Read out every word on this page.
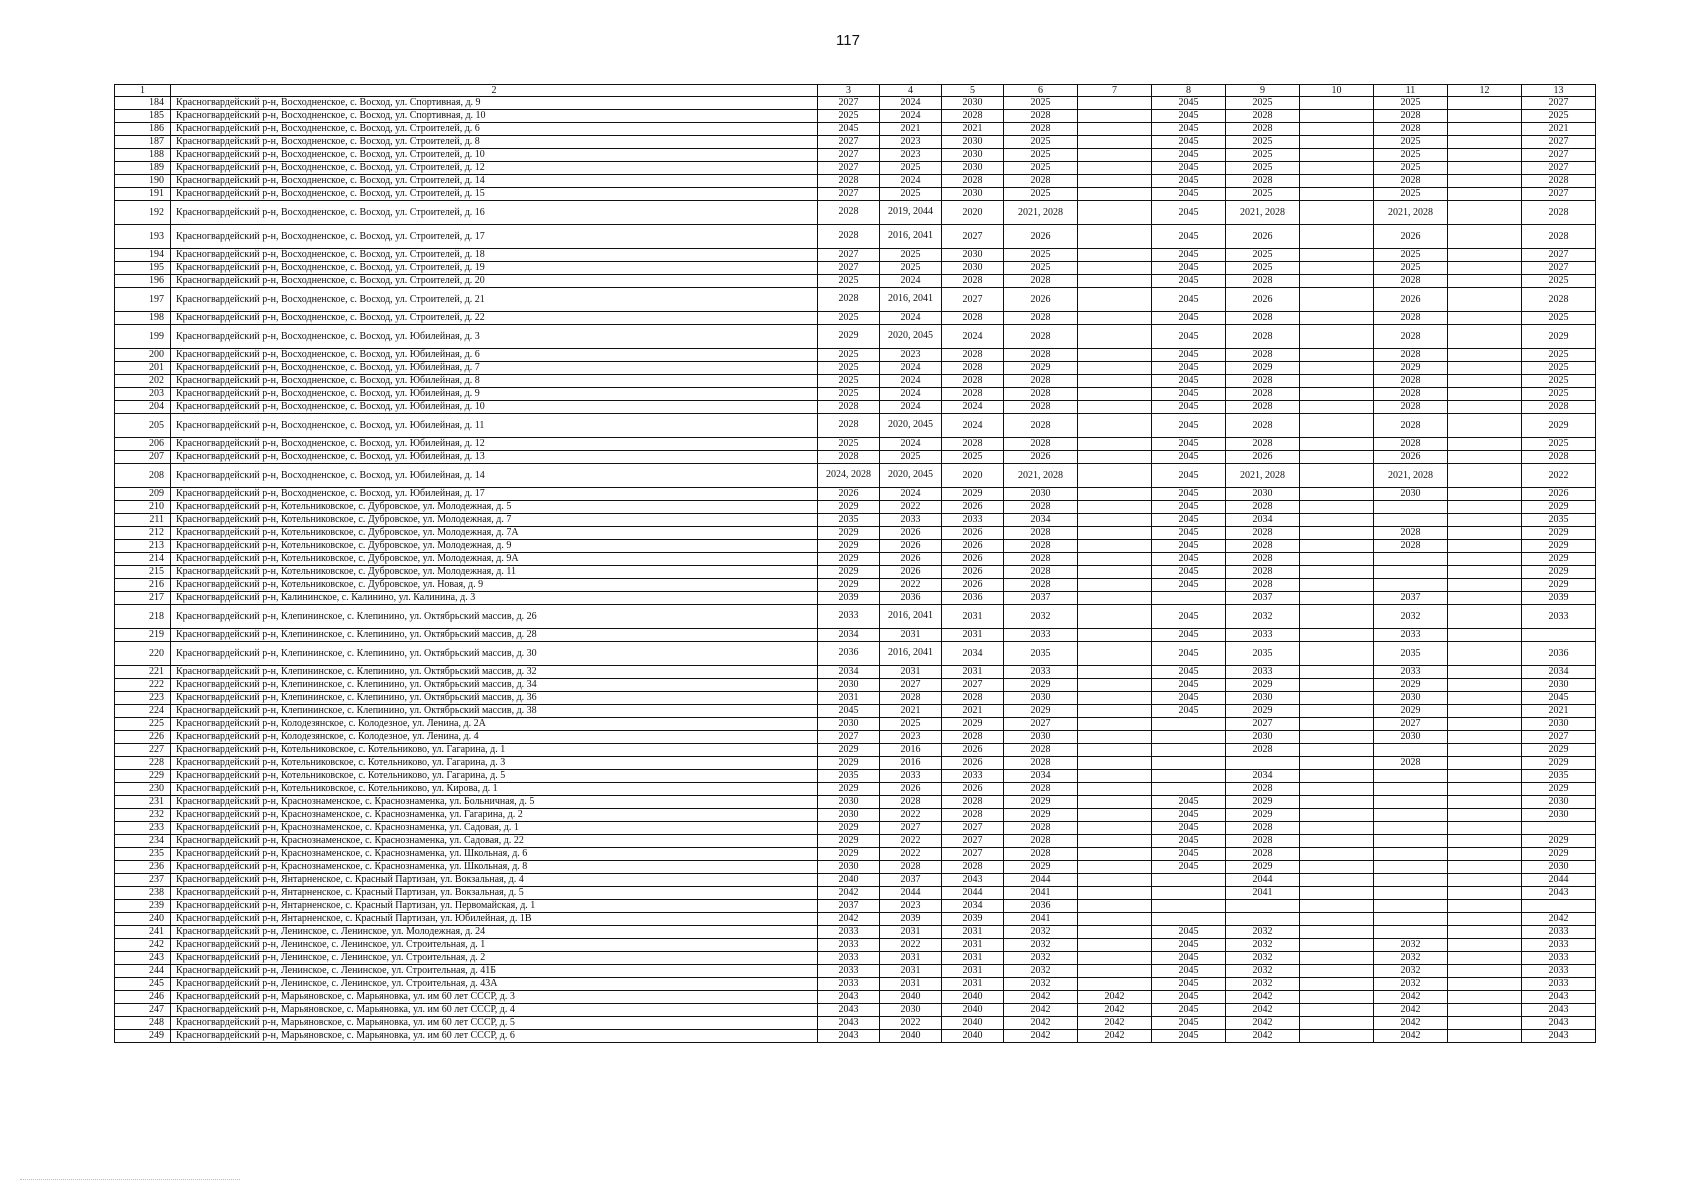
117
1	2	3	4	5	6	7	8	9	10	11	12	13
184	Красногвардейский р-н, Восходненское, с. Восход, ул. Спортивная, д. 9	2027	2024	2030	2025		2045	2025		2025		2027
185	Красногвардейский р-н, Восходненское, с. Восход, ул. Спортивная, д. 10	2025	2024	2028	2028		2045	2028		2028		2025
186	Красногвардейский р-н, Восходненское, с. Восход, ул. Строителей, д. 6	2045	2021	2021	2028		2045	2028		2028		2021
187	Красногвардейский р-н, Восходненское, с. Восход, ул. Строителей, д. 8	2027	2023	2030	2025		2045	2025		2025		2027
188	Красногвардейский р-н, Восходненское, с. Восход, ул. Строителей, д. 10	2027	2023	2030	2025		2045	2025		2025		2027
189	Красногвардейский р-н, Восходненское, с. Восход, ул. Строителей, д. 12	2027	2025	2030	2025		2045	2025		2025		2027
190	Красногвардейский р-н, Восходненское, с. Восход, ул. Строителей, д. 14	2028	2024	2028	2028		2045	2028		2028		2028
191	Красногвардейский р-н, Восходненское, с. Восход, ул. Строителей, д. 15	2027	2025	2030	2025		2045	2025		2025		2027
192	Красногвардейский р-н, Восходненское, с. Восход, ул. Строителей, д. 16	2028	2019, 2044	2020	2021, 2028		2045	2021, 2028		2021, 2028		2028
193	Красногвардейский р-н, Восходненское, с. Восход, ул. Строителей, д. 17	2028	2016, 2041	2027	2026		2045	2026		2026		2028
194	Красногвардейский р-н, Восходненское, с. Восход, ул. Строителей, д. 18	2027	2025	2030	2025		2045	2025		2025		2027
195	Красногвардейский р-н, Восходненское, с. Восход, ул. Строителей, д. 19	2027	2025	2030	2025		2045	2025		2025		2027
196	Красногвардейский р-н, Восходненское, с. Восход, ул. Строителей, д. 20	2025	2024	2028	2028		2045	2028		2028		2025
197	Красногвардейский р-н, Восходненское, с. Восход, ул. Строителей, д. 21	2028	2016, 2041	2027	2026		2045	2026		2026		2028
198	Красногвардейский р-н, Восходненское, с. Восход, ул. Строителей, д. 22	2025	2024	2028	2028		2045	2028		2028		2025
199	Красногвардейский р-н, Восходненское, с. Восход, ул. Юбилейная, д. 3	2029	2020, 2045	2024	2028		2045	2028		2028		2029
200	Красногвардейский р-н, Восходненское, с. Восход, ул. Юбилейная, д. 6	2025	2023	2028	2028		2045	2028		2028		2025
201	Красногвардейский р-н, Восходненское, с. Восход, ул. Юбилейная, д. 7	2025	2024	2028	2029		2045	2029		2029		2025
202	Красногвардейский р-н, Восходненское, с. Восход, ул. Юбилейная, д. 8	2025	2024	2028	2028		2045	2028		2028		2025
203	Красногвардейский р-н, Восходненское, с. Восход, ул. Юбилейная, д. 9	2025	2024	2028	2028		2045	2028		2028		2025
204	Красногвардейский р-н, Восходненское, с. Восход, ул. Юбилейная, д. 10	2028	2024	2024	2028		2045	2028		2028		2028
205	Красногвардейский р-н, Восходненское, с. Восход, ул. Юбилейная, д. 11	2028	2020, 2045	2024	2028		2045	2028		2028		2029
206	Красногвардейский р-н, Восходненское, с. Восход, ул. Юбилейная, д. 12	2025	2024	2028	2028		2045	2028		2028		2025
207	Красногвардейский р-н, Восходненское, с. Восход, ул. Юбилейная, д. 13	2028	2025	2025	2026		2045	2026		2026		2028
208	Красногвардейский р-н, Восходненское, с. Восход, ул. Юбилейная, д. 14	2024, 2028	2020, 2045	2020	2021, 2028		2045	2021, 2028		2021, 2028		2022
209	Красногвардейский р-н, Восходненское, с. Восход, ул. Юбилейная, д. 17	2026	2024	2029	2030		2045	2030		2030		2026
210	Красногвардейский р-н, Котельниковское, с. Дубровское, ул. Молодежная, д. 5	2029	2022	2026	2028		2045	2028				2029
211	Красногвардейский р-н, Котельниковское, с. Дубровское, ул. Молодежная, д. 7	2035	2033	2033	2034		2045	2034				2035
212	Красногвардейский р-н, Котельниковское, с. Дубровское, ул. Молодежная, д. 7А	2029	2026	2026	2028		2045	2028		2028		2029
213	Красногвардейский р-н, Котельниковское, с. Дубровское, ул. Молодежная, д. 9	2029	2026	2026	2028		2045	2028		2028		2029
214	Красногвардейский р-н, Котельниковское, с. Дубровское, ул. Молодежная, д. 9А	2029	2026	2026	2028		2045	2028				2029
215	Красногвардейский р-н, Котельниковское, с. Дубровское, ул. Молодежная, д. 11	2029	2026	2026	2028		2045	2028				2029
216	Красногвардейский р-н, Котельниковское, с. Дубровское, ул. Новая, д. 9	2029	2022	2026	2028		2045	2028				2029
217	Красногвардейский р-н, Калининское, с. Калинино, ул. Калинина, д. 3	2039	2036	2036	2037			2037		2037		2039
218	Красногвардейский р-н, Клепининское, с. Клепинино, ул. Октябрьский массив, д. 26	2033	2016, 2041	2031	2032		2045	2032		2032		2033
219	Красногвардейский р-н, Клепининское, с. Клепинино, ул. Октябрьский массив, д. 28	2034	2031	2031	2033		2045	2033		2033		
220	Красногвардейский р-н, Клепининское, с. Клепинино, ул. Октябрьский массив, д. 30	2036	2016, 2041	2034	2035		2045	2035		2035		2036
221	Красногвардейский р-н, Клепининское, с. Клепинино, ул. Октябрьский массив, д. 32	2034	2031	2031	2033		2045	2033		2033		2034
222	Красногвардейский р-н, Клепининское, с. Клепинино, ул. Октябрьский массив, д. 34	2030	2027	2027	2029		2045	2029		2029		2030
223	Красногвардейский р-н, Клепининское, с. Клепинино, ул. Октябрьский массив, д. 36	2031	2028	2028	2030		2045	2030		2030		2045
224	Красногвардейский р-н, Клепининское, с. Клепинино, ул. Октябрьский массив, д. 38	2045	2021	2021	2029		2045	2029		2029		2021
225	Красногвардейский р-н, Колодезянское, с. Колодезное, ул. Ленина, д. 2А	2030	2025	2029	2027			2027		2027		2030
226	Красногвардейский р-н, Колодезянское, с. Колодезное, ул. Ленина, д. 4	2027	2023	2028	2030			2030		2030		2027
227	Красногвардейский р-н, Котельниковское, с. Котельниково, ул. Гагарина, д. 1	2029	2016	2026	2028			2028				2029
228	Красногвардейский р-н, Котельниковское, с. Котельниково, ул. Гагарина, д. 3	2029	2016	2026	2028					2028		2029
229	Красногвардейский р-н, Котельниковское, с. Котельниково, ул. Гагарина, д. 5	2035	2033	2033	2034			2034				2035
230	Красногвардейский р-н, Котельниковское, с. Котельниково, ул. Кирова, д. 1	2029	2026	2026	2028			2028				2029
231	Красногвардейский р-н, Краснознаменское, с. Краснознаменка, ул. Больничная, д. 5	2030	2028	2028	2029		2045	2029				2030
232	Красногвардейский р-н, Краснознаменское, с. Краснознаменка, ул. Гагарина, д. 2	2030	2022	2028	2029		2045	2029				2030
233	Красногвардейский р-н, Краснознаменское, с. Краснознаменка, ул. Садовая, д. 1	2029	2027	2027	2028		2045	2028				
234	Красногвардейский р-н, Краснознаменское, с. Краснознаменка, ул. Садовая, д. 22	2029	2022	2027	2028		2045	2028				2029
235	Красногвардейский р-н, Краснознаменское, с. Краснознаменка, ул. Школьная, д. 6	2029	2022	2027	2028		2045	2028				2029
236	Красногвардейский р-н, Краснознаменское, с. Краснознаменка, ул. Школьная, д. 8	2030	2028	2028	2029		2045	2029				2030
237	Красногвардейский р-н, Янтарненское, с. Красный Партизан, ул. Вокзальная, д. 4	2040	2037	2043	2044			2044				2044
238	Красногвардейский р-н, Янтарненское, с. Красный Партизан, ул. Вокзальная, д. 5	2042	2044	2044	2041			2041				2043
239	Красногвардейский р-н, Янтарненское, с. Красный Партизан, ул. Первомайская, д. 1	2037	2023	2034	2036							
240	Красногвардейский р-н, Янтарненское, с. Красный Партизан, ул. Юбилейная, д. 1В	2042	2039	2039	2041							2042
241	Красногвардейский р-н, Ленинское, с. Ленинское, ул. Молодежная, д. 24	2033	2031	2031	2032		2045	2032				2033
242	Красногвардейский р-н, Ленинское, с. Ленинское, ул. Строительная, д. 1	2033	2022	2031	2032		2045	2032		2032		2033
243	Красногвардейский р-н, Ленинское, с. Ленинское, ул. Строительная, д. 2	2033	2031	2031	2032		2045	2032		2032		2033
244	Красногвардейский р-н, Ленинское, с. Ленинское, ул. Строительная, д. 41Б	2033	2031	2031	2032		2045	2032		2032		2033
245	Красногвардейский р-н, Ленинское, с. Ленинское, ул. Строительная, д. 43А	2033	2031	2031	2032		2045	2032		2032		2033
246	Красногвардейский р-н, Марьяновское, с. Марьяновка, ул. им 60 лет СССР, д. 3	2043	2040	2040	2042	2042	2045	2042		2042		2043
247	Красногвардейский р-н, Марьяновское, с. Марьяновка, ул. им 60 лет СССР, д. 4	2043	2030	2040	2042	2042	2045	2042		2042		2043
248	Красногвардейский р-н, Марьяновское, с. Марьяновка, ул. им 60 лет СССР, д. 5	2043	2022	2040	2042	2042	2045	2042		2042		2043
249	Красногвардейский р-н, Марьяновское, с. Марьяновка, ул. им 60 лет СССР, д. 6	2043	2040	2040	2042	2042	2045	2042		2042		2043
